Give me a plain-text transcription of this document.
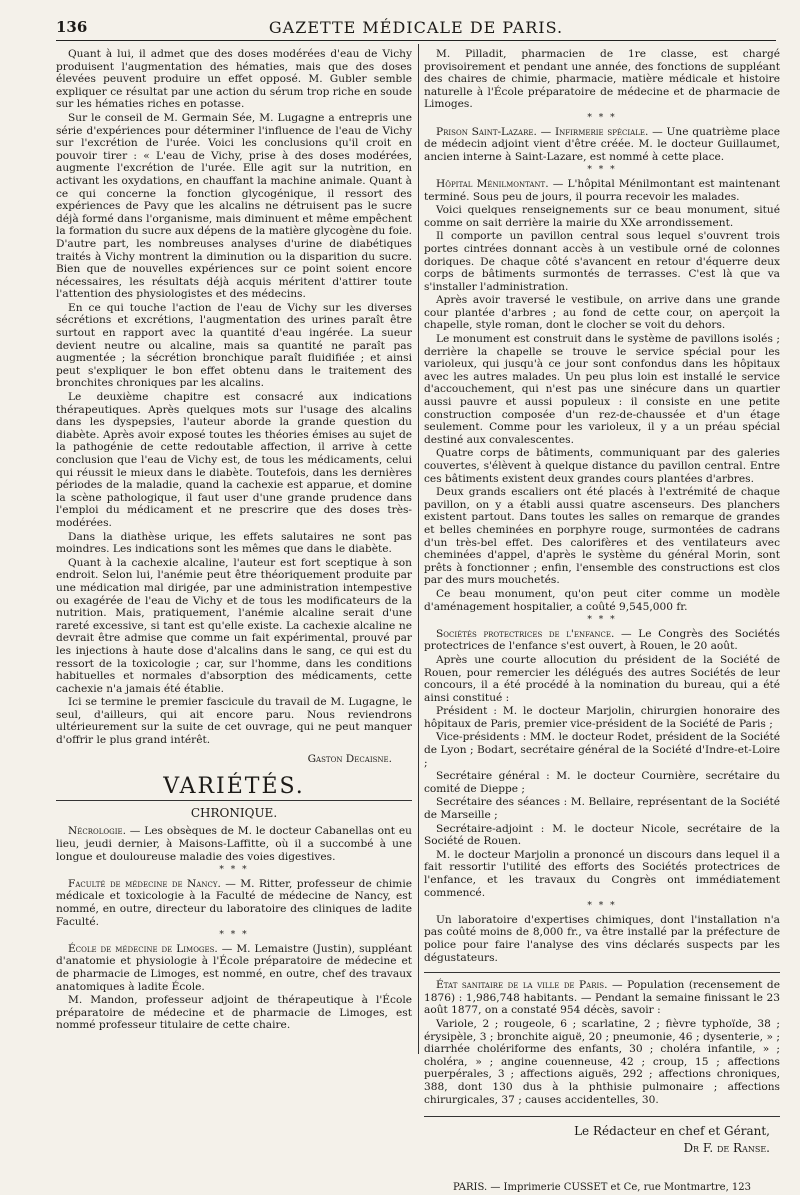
136	GAZETTE MÉDICALE DE PARIS.

Quant à lui, il admet que des doses modérées d'eau de Vichy produisent l'augmentation des hématies, mais que des doses élevées peuvent produire un effet opposé. M. Gubler semble expliquer ce résultat par une action du sérum trop riche en soude sur les hématies riches en potasse.

Sur le conseil de M. Germain Sée, M. Lugagne a entrepris une série d'expériences pour déterminer l'influence de l'eau de Vichy sur l'excrétion de l'urée. Voici les conclusions qu'il croit en pouvoir tirer : « L'eau de Vichy, prise à des doses modérées, augmente l'excrétion de l'urée. Elle agit sur la nutrition, en activant les oxydations, en chauffant la machine animale. Quant à ce qui concerne la fonction glycogénique, il ressort des expériences de Pavy que les alcalins ne détruisent pas le sucre déjà formé dans l'organisme, mais diminuent et même empêchent la formation du sucre aux dépens de la matière glycogène du foie. D'autre part, les nombreuses analyses d'urine de diabétiques traités à Vichy montrent la diminution ou la disparition du sucre. Bien que de nouvelles expériences sur ce point soient encore nécessaires, les résultats déjà acquis méritent d'attirer toute l'attention des physiologistes et des médecins.

En ce qui touche l'action de l'eau de Vichy sur les diverses sécrétions et excrétions, l'augmentation des urines paraît être surtout en rapport avec la quantité d'eau ingérée. La sueur devient neutre ou alcaline, mais sa quantité ne paraît pas augmentée ; la sécrétion bronchique paraît fluidifiée ; et ainsi peut s'expliquer le bon effet obtenu dans le traitement des bronchites chroniques par les alcalins.

Le deuxième chapitre est consacré aux indications thérapeutiques. Après quelques mots sur l'usage des alcalins dans les dyspepsies, l'auteur aborde la grande question du diabète. Après avoir exposé toutes les théories émises au sujet de la pathogénie de cette redoutable affection, il arrive à cette conclusion que l'eau de Vichy est, de tous les médicaments, celui qui réussit le mieux dans le diabète. Toutefois, dans les dernières périodes de la maladie, quand la cachexie est apparue, et domine la scène pathologique, il faut user d'une grande prudence dans l'emploi du médicament et ne prescrire que des doses très-modérées.

Dans la diathèse urique, les effets salutaires ne sont pas moindres. Les indications sont les mêmes que dans le diabète.

Quant à la cachexie alcaline, l'auteur est fort sceptique à son endroit. Selon lui, l'anémie peut être théoriquement produite par une médication mal dirigée, par une administration intempestive ou exagérée de l'eau de Vichy et de tous les modificateurs de la nutrition. Mais, pratiquement, l'anémie alcaline serait d'une rareté excessive, si tant est qu'elle existe. La cachexie alcaline ne devrait être admise que comme un fait expérimental, prouvé par les injections à haute dose d'alcalins dans le sang, ce qui est du ressort de la toxicologie ; car, sur l'homme, dans les conditions habituelles et normales d'absorption des médicaments, cette cachexie n'a jamais été établie.

Ici se termine le premier fascicule du travail de M. Lugagne, le seul, d'ailleurs, qui ait encore paru. Nous reviendrons ultérieurement sur la suite de cet ouvrage, qui ne peut manquer d'offrir le plus grand intérêt.

Gaston Decaisne.

VARIÉTÉS.
CHRONIQUE.

Nécrologie. — Les obsèques de M. le docteur Cabanellas ont eu lieu, jeudi dernier, à Maisons-Laffitte, où il a succombé à une longue et douloureuse maladie des voies digestives.

* * *

Faculté de médecine de Nancy. — M. Ritter, professeur de chimie médicale et toxicologie à la Faculté de médecine de Nancy, est nommé, en outre, directeur du laboratoire des cliniques de ladite Faculté.

* * *

École de médecine de Limoges. — M. Lemaistre (Justin), suppléant d'anatomie et physiologie à l'École préparatoire de médecine et de pharmacie de Limoges, est nommé, en outre, chef des travaux anatomiques à ladite École.

M. Mandon, professeur adjoint de thérapeutique à l'École préparatoire de médecine et de pharmacie de Limoges, est nommé professeur titulaire de cette chaire.

M. Pilladit, pharmacien de 1re classe, est chargé provisoirement et pendant une année, des fonctions de suppléant des chaires de chimie, pharmacie, matière médicale et histoire naturelle à l'École préparatoire de médecine et de pharmacie de Limoges.

* * *

Prison Saint-Lazare. — Infirmerie spéciale. — Une quatrième place de médecin adjoint vient d'être créée. M. le docteur Guillaumet, ancien interne à Saint-Lazare, est nommé à cette place.

* * *

Hôpital Ménilmontant. — L'hôpital Ménilmontant est maintenant terminé. Sous peu de jours, il pourra recevoir les malades.

Voici quelques renseignements sur ce beau monument, situé comme on sait derrière la mairie du XXe arrondissement.

Il comporte un pavillon central sous lequel s'ouvrent trois portes cintrées donnant accès à un vestibule orné de colonnes doriques. De chaque côté s'avancent en retour d'équerre deux corps de bâtiments surmontés de terrasses. C'est là que va s'installer l'administration.

Après avoir traversé le vestibule, on arrive dans une grande cour plantée d'arbres ; au fond de cette cour, on aperçoit la chapelle, style roman, dont le clocher se voit du dehors.

Le monument est construit dans le système de pavillons isolés ; derrière la chapelle se trouve le service spécial pour les varioleux, qui jusqu'à ce jour sont confondus dans les hôpitaux avec les autres malades. Un peu plus loin est installé le service d'accouchement, qui n'est pas une sinécure dans un quartier aussi pauvre et aussi populeux : il consiste en une petite construction composée d'un rez-de-chaussée et d'un étage seulement. Comme pour les varioleux, il y a un préau spécial destiné aux convalescentes.

Quatre corps de bâtiments, communiquant par des galeries couvertes, s'élèvent à quelque distance du pavillon central. Entre ces bâtiments existent deux grandes cours plantées d'arbres.

Deux grands escaliers ont été placés à l'extrémité de chaque pavillon, on y a établi aussi quatre ascenseurs. Des planchers existent partout. Dans toutes les salles on remarque de grandes et belles cheminées en porphyre rouge, surmontées de cadrans d'un très-bel effet. Des calorifères et des ventilateurs avec cheminées d'appel, d'après le système du général Morin, sont prêts à fonctionner ; enfin, l'ensemble des constructions est clos par des murs mouchetés.

Ce beau monument, qu'on peut citer comme un modèle d'aménagement hospitalier, a coûté 9,545,000 fr.

* * *

Sociétés protectrices de l'enfance. — Le Congrès des Sociétés protectrices de l'enfance s'est ouvert, à Rouen, le 20 août.

Après une courte allocution du président de la Société de Rouen, pour remercier les délégués des autres Sociétés de leur concours, il a été procédé à la nomination du bureau, qui a été ainsi constitué :

Président : M. le docteur Marjolin, chirurgien honoraire des hôpitaux de Paris, premier vice-président de la Société de Paris ;

Vice-présidents : MM. le docteur Rodet, président de la Société de Lyon ; Bodart, secrétaire général de la Société d'Indre-et-Loire ;

Secrétaire général : M. le docteur Cournière, secrétaire du comité de Dieppe ;

Secrétaire des séances : M. Bellaire, représentant de la Société de Marseille ;

Secrétaire-adjoint : M. le docteur Nicole, secrétaire de la Société de Rouen.

M. le docteur Marjolin a prononcé un discours dans lequel il a fait ressortir l'utilité des efforts des Sociétés protectrices de l'enfance, et les travaux du Congrès ont immédiatement commencé.

* * *

Un laboratoire d'expertises chimiques, dont l'installation n'a pas coûté moins de 8,000 fr., va être installé par la préfecture de police pour faire l'analyse des vins déclarés suspects par les dégustateurs.

État sanitaire de la ville de Paris. — Population (recensement de 1876) : 1,986,748 habitants. — Pendant la semaine finissant le 23 août 1877, on a constaté 954 décès, savoir :

Variole, 2 ; rougeole, 6 ; scarlatine, 2 ; fièvre typhoïde, 38 ; érysipèle, 3 ; bronchite aiguë, 20 ; pneumonie, 46 ; dysenterie, » ; diarrhée cholériforme des enfants, 30 ; choléra infantile, » ; choléra, » ; angine couenneuse, 42 ; croup, 15 ; affections puerpérales, 3 ; affections aiguës, 292 ; affections chroniques, 388, dont 130 dus à la phthisie pulmonaire ; affections chirurgicales, 37 ; causes accidentelles, 30.

Le Rédacteur en chef et Gérant,

Dr F. de Ranse.

PARIS. — Imprimerie CUSSET et Ce, rue Montmartre, 123
